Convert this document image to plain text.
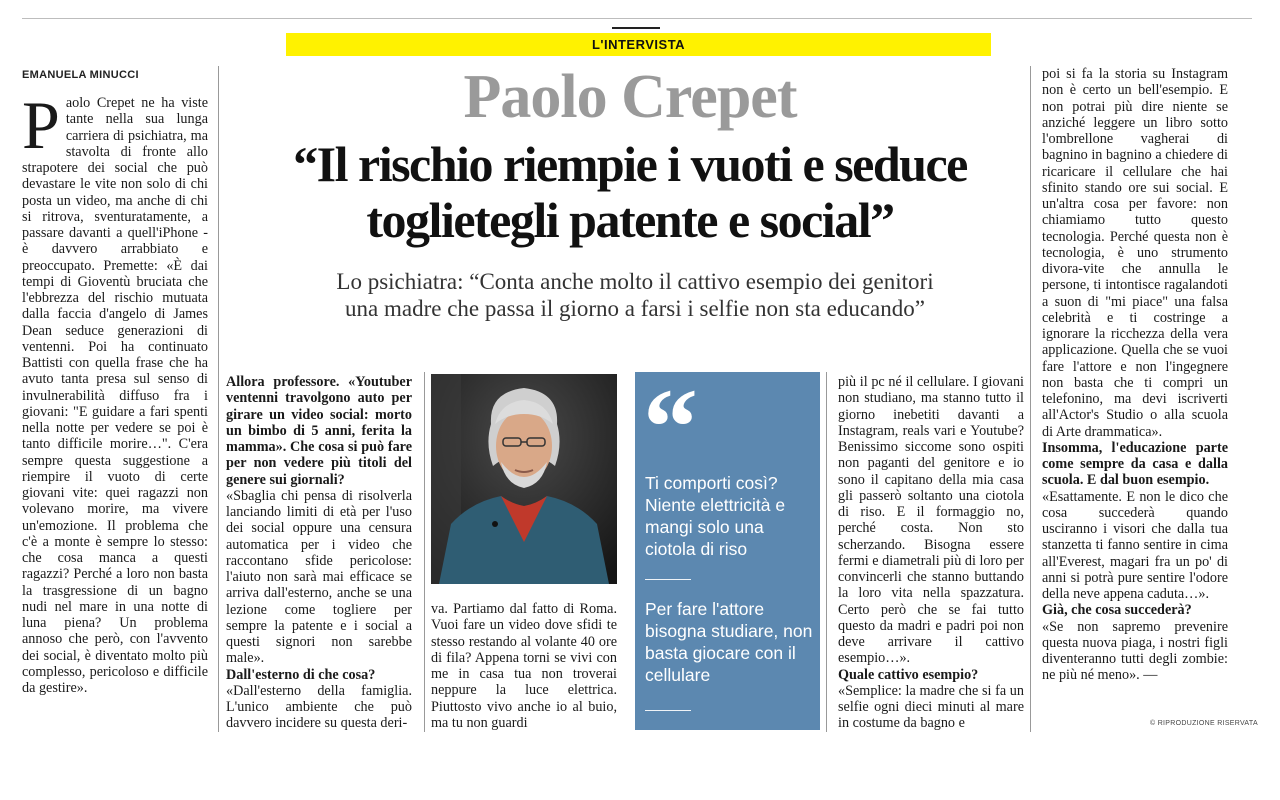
L'INTERVISTA
EMANUELA MINUCCI

Paolo Crepet ne ha viste tante nella sua lunga carriera di psichiatra, ma stavolta di fronte allo strapotere dei social che può devastare le vite non solo di chi posta un video, ma anche di chi si ritrova, sventuratamente, a passare davanti a quell'iPhone - è davvero arrabbiato e preoccupato. Premette: «È dai tempi di Gioventù bruciata che l'ebbrezza del rischio mutuata dalla faccia d'angelo di James Dean seduce generazioni di ventenni. Poi ha continuato Battisti con quella frase che ha avuto tanta presa sul senso di invulnerabilità diffuso fra i giovani: "E guidare a fari spenti nella notte per vedere se poi è tanto difficile morire…". C'era sempre questa suggestione a riempire il vuoto di certe giovani vite: quei ragazzi non volevano morire, ma vivere un'emozione. Il problema che c'è a monte è sempre lo stesso: che cosa manca a questi ragazzi? Perché a loro non basta la trasgressione di un bagno nudi nel mare in una notte di luna piena? Un problema annoso che però, con l'avvento dei social, è diventato molto più complesso, pericoloso e difficile da gestire».

Paolo Crepet
“Il rischio riempie i vuoti e seduce
toglietegli patente e social”
Lo psichiatra: “Conta anche molto il cattivo esempio dei genitori
una madre che passa il giorno a farsi i selfie non sta educando”

Allora professore. «Youtuber ventenni travolgono auto per girare un video social: morto un bimbo di 5 anni, ferita la mamma». Che cosa si può fare per non vedere più titoli del genere sui giornali?

«Sbaglia chi pensa di risolverla lanciando limiti di età per l'uso dei social oppure una censura automatica per i video che raccontano sfide pericolose: l'aiuto non sarà mai efficace se arriva dall'esterno, anche se una lezione come togliere per sempre la patente e i social a questi signori non sarebbe male».

Dall'esterno di che cosa?

«Dall'esterno della famiglia. L'unico ambiente che può davvero incidere su questa deri-

va. Partiamo dal fatto di Roma. Vuoi fare un video dove sfidi te stesso restando al volante 40 ore di fila? Appena torni se vivi con me in casa tua non troverai neppure la luce elettrica. Piuttosto vivo anche io al buio, ma tu non guardi

“
Ti comporti così? Niente elettricità e mangi solo una ciotola di riso
Per fare l'attore bisogna studiare, non basta giocare con il cellulare

più il pc né il cellulare. I giovani non studiano, ma stanno tutto il giorno inebetiti davanti a Instagram, reals vari e Youtube? Benissimo siccome sono ospiti non paganti del genitore e io sono il capitano della mia casa gli passerò soltanto una ciotola di riso. E il formaggio no, perché costa. Non sto scherzando. Bisogna essere fermi e diametrali più di loro per convincerli che stanno buttando la loro vita nella spazzatura. Certo però che se fai tutto questo da madri e padri poi non deve arrivare il cattivo esempio…».

Quale cattivo esempio?

«Semplice: la madre che si fa un selfie ogni dieci minuti al mare in costume da bagno e

poi si fa la storia su Instagram non è certo un bell'esempio. E non potrai più dire niente se anziché leggere un libro sotto l'ombrellone vagherai di bagnino in bagnino a chiedere di ricaricare il cellulare che hai sfinito stando ore sui social. E un'altra cosa per favore: non chiamiamo tutto questo tecnologia. Perché questa non è tecnologia, è uno strumento divora-vite che annulla le persone, ti intontisce ragalandoti a suon di "mi piace" una falsa celebrità e ti costringe a ignorare la ricchezza della vera applicazione. Quella che se vuoi fare l'attore e non l'ingegnere non basta che ti compri un telefonino, ma devi iscriverti all'Actor's Studio o alla scuola di Arte drammatica».

Insomma, l'educazione parte come sempre da casa e dalla scuola. E dal buon esempio.

«Esattamente. E non le dico che cosa succederà quando usciranno i visori che dalla tua stanzetta ti fanno sentire in cima all'Everest, magari fra un po' di anni si potrà pure sentire l'odore della neve appena caduta…».

Già, che cosa succederà?

«Se non sapremo prevenire questa nuova piaga, i nostri figli diventeranno tutti degli zombie: ne più né meno». —

© RIPRODUZIONE RISERVATA
